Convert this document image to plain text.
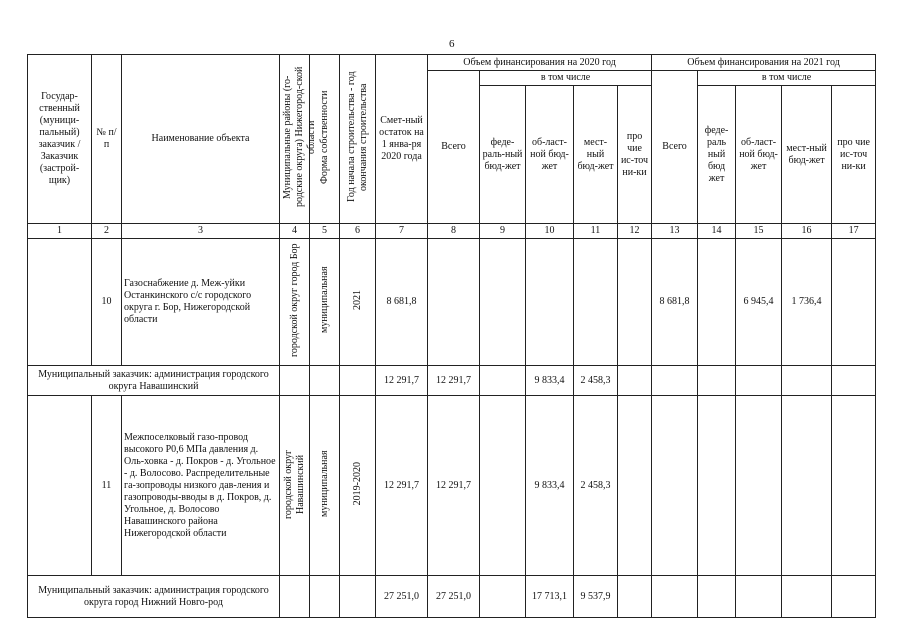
6
Государ-ственный (муници-пальный) заказчик / Заказчик (застрой-щик)	№ п/п	Наименование объекта	Муниципальные районы (го-родские округа) Нижегород-ской области	Форма собственности	Год начала строительства - год окончания строительства	Смет-ный остаток на 1 янва-ря 2020 года	Объем финансирования на 2020 год					Объем финансирования на 2021 год				
							Всего	в том числе				Всего	в том числе			
								феде-раль-ный бюд-жет	об-ласт-ной бюд-жет	мест-ный бюд-жет	про чие ис-точ ни-ки		феде-раль ный бюд жет	об-ласт-ной бюд-жет	мест-ный бюд-жет	про чие ис-точ ни-ки
1	2	3	4	5	6	7	8	9	10	11	12	13	14	15	16	17
	10	Газоснабжение д. Меж-уйки Останкинского с/с городского округа г. Бор, Нижегородской области	городской округ город Бор	муниципальная	2021	8 681,8						8 681,8		6 945,4	1 736,4	
Муниципальный заказчик: администрация городского округа Навашинский						12 291,7	12 291,7		9 833,4	2 458,3						
	11	Межпоселковый газо-провод высокого Р0,6 МПа давления д. Оль-ховка - д. Покров - д. Угольное - д. Волосово. Распределительные га-зопроводы низкого дав-ления и газопроводы-вводы в д. Покров, д. Угольное, д. Волосово Навашинского района Нижегородской области	городской округ Навашинский	муниципальная	2019-2020	12 291,7	12 291,7		9 833,4	2 458,3						
Муниципальный заказчик: администрация городского округа город Нижний Новго-род						27 251,0	27 251,0		17 713,1	9 537,9						
